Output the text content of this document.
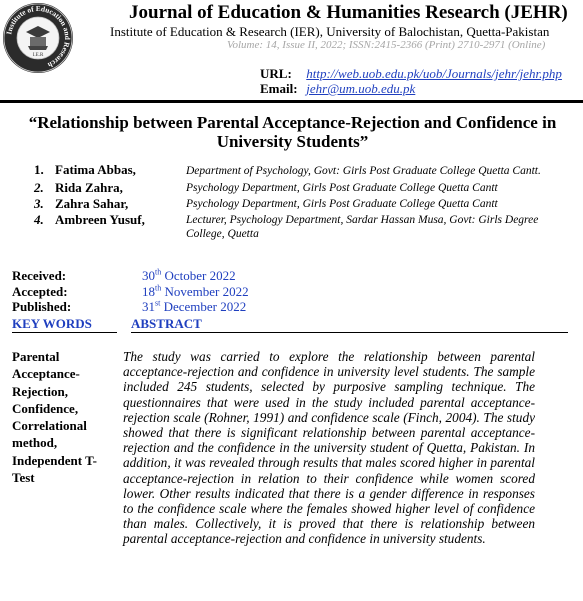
Institute of Education and Research
I.E.R
Journal of Education & Humanities Research (JEHR)
Institute of Education & Research (IER), University of Balochistan, Quetta-Pakistan
Volume: 14, Issue II, 2022; ISSN:2415-2366 (Print) 2710-2971 (Online)
URL: http://web.uob.edu.pk/uob/Journals/jehr/jehr.php
Email: jehr@um.uob.edu.pk
“Relationship between Parental Acceptance-Rejection and Confidence in University Students”
1. Fatima Abbas,	Department of Psychology, Govt: Girls Post Graduate College Quetta Cantt.
2. Rida Zahra,	Psychology Department, Girls Post Graduate College Quetta Cantt
3. Zahra Sahar,	Psychology Department, Girls Post Graduate College Quetta Cantt
4. Ambreen Yusuf,	Lecturer, Psychology Department, Sardar Hassan Musa, Govt: Girls Degree College, Quetta
Received:	30th October 2022
Accepted:	18th November 2022
Published:	31st December 2022
KEY WORDS	ABSTRACT
Parental Acceptance-Rejection, Confidence, Correlational method, Independent T-Test
The study was carried to explore the relationship between parental acceptance-rejection and confidence in university level students. The sample included 245 students, selected by purposive sampling technique. The questionnaires that were used in the study included parental acceptance-rejection scale (Rohner, 1991) and confidence scale (Finch, 2004). The study showed that there is significant relationship between parental acceptance-rejection and the confidence in the university student of Quetta, Pakistan. In addition, it was revealed through results that males scored higher in parental acceptance-rejection in relation to their confidence while women scored lower. Other results indicated that there is a gender difference in responses to the confidence scale where the females showed higher level of confidence than males. Collectively, it is proved that there is relationship between parental acceptance-rejection and confidence in university students.
